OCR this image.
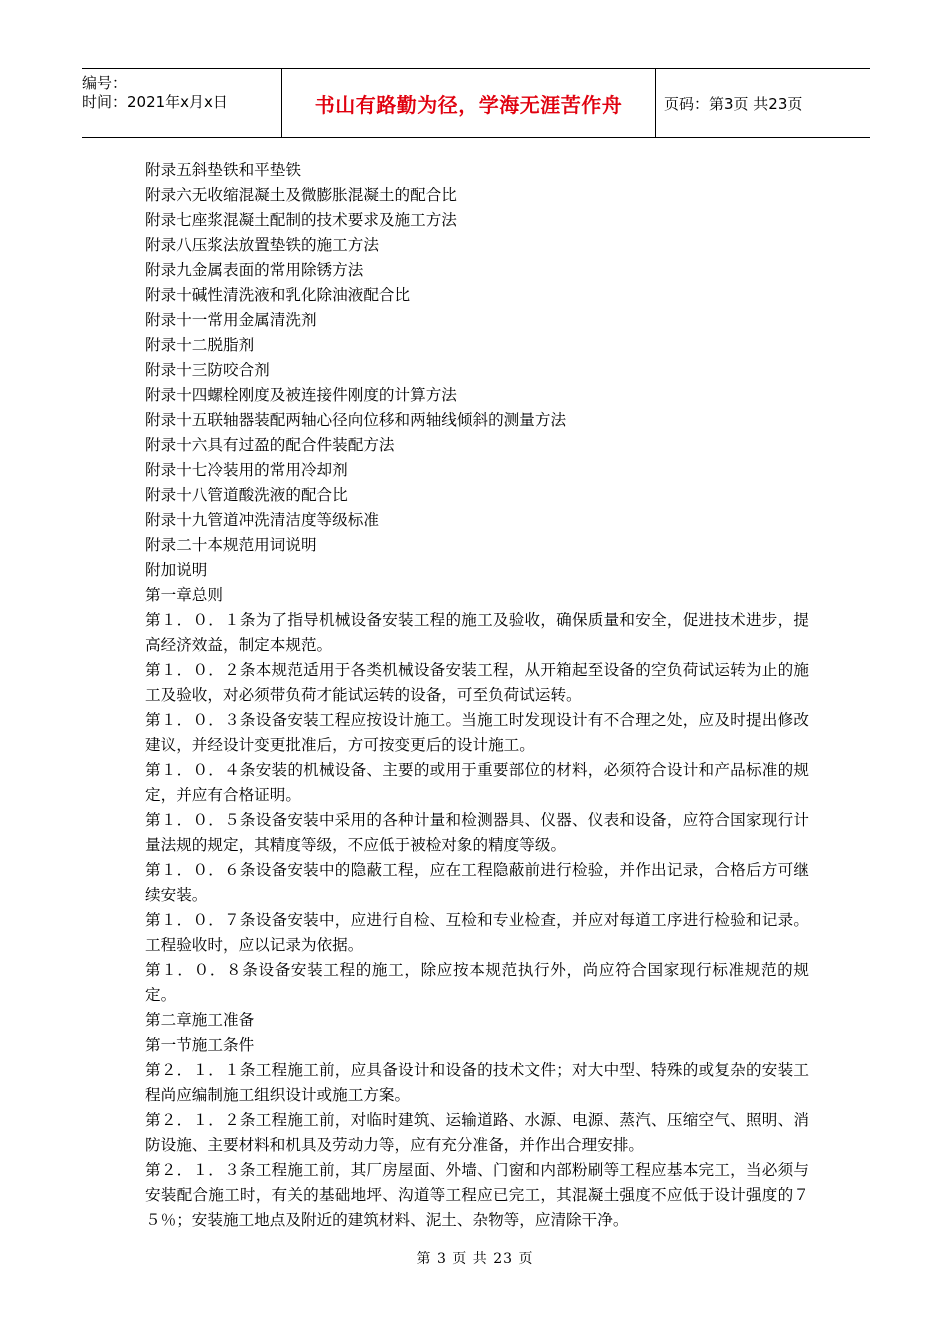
编号：
时间：2021年x月x日	书山有路勤为径，学海无涯苦作舟	页码：第3页 共23页
附录五斜垫铁和平垫铁
附录六无收缩混凝土及微膨胀混凝土的配合比
附录七座浆混凝土配制的技术要求及施工方法
附录八压浆法放置垫铁的施工方法
附录九金属表面的常用除锈方法
附录十碱性清洗液和乳化除油液配合比
附录十一常用金属清洗剂
附录十二脱脂剂
附录十三防咬合剂
附录十四螺栓刚度及被连接件刚度的计算方法
附录十五联轴器装配两轴心径向位移和两轴线倾斜的测量方法
附录十六具有过盈的配合件装配方法
附录十七冷装用的常用冷却剂
附录十八管道酸洗液的配合比
附录十九管道冲洗清洁度等级标准
附录二十本规范用词说明
附加说明
第一章总则
第１．０．１条为了指导机械设备安装工程的施工及验收，确保质量和安全，促进技术进步，提高经济效益，制定本规范。
第１．０．２条本规范适用于各类机械设备安装工程，从开箱起至设备的空负荷试运转为止的施工及验收，对必须带负荷才能试运转的设备，可至负荷试运转。
第１．０．３条设备安装工程应按设计施工。当施工时发现设计有不合理之处，应及时提出修改建议，并经设计变更批准后，方可按变更后的设计施工。
第１．０．４条安装的机械设备、主要的或用于重要部位的材料，必须符合设计和产品标准的规定，并应有合格证明。
第１．０．５条设备安装中采用的各种计量和检测器具、仪器、仪表和设备，应符合国家现行计量法规的规定，其精度等级，不应低于被检对象的精度等级。
第１．０．６条设备安装中的隐蔽工程，应在工程隐蔽前进行检验，并作出记录，合格后方可继续安装。
第１．０．７条设备安装中，应进行自检、互检和专业检查，并应对每道工序进行检验和记录。工程验收时，应以记录为依据。
第１．０．８条设备安装工程的施工，除应按本规范执行外，尚应符合国家现行标准规范的规定。
第二章施工准备
第一节施工条件
第２．１．１条工程施工前，应具备设计和设备的技术文件；对大中型、特殊的或复杂的安装工程尚应编制施工组织设计或施工方案。
第２．１．２条工程施工前，对临时建筑、运输道路、水源、电源、蒸汽、压缩空气、照明、消防设施、主要材料和机具及劳动力等，应有充分准备，并作出合理安排。
第２．１．３条工程施工前，其厂房屋面、外墙、门窗和内部粉刷等工程应基本完工，当必须与安装配合施工时，有关的基础地坪、沟道等工程应已完工，其混凝土强度不应低于设计强度的７５％；安装施工地点及附近的建筑材料、泥土、杂物等，应清除干净。
第 3 页 共 23 页
